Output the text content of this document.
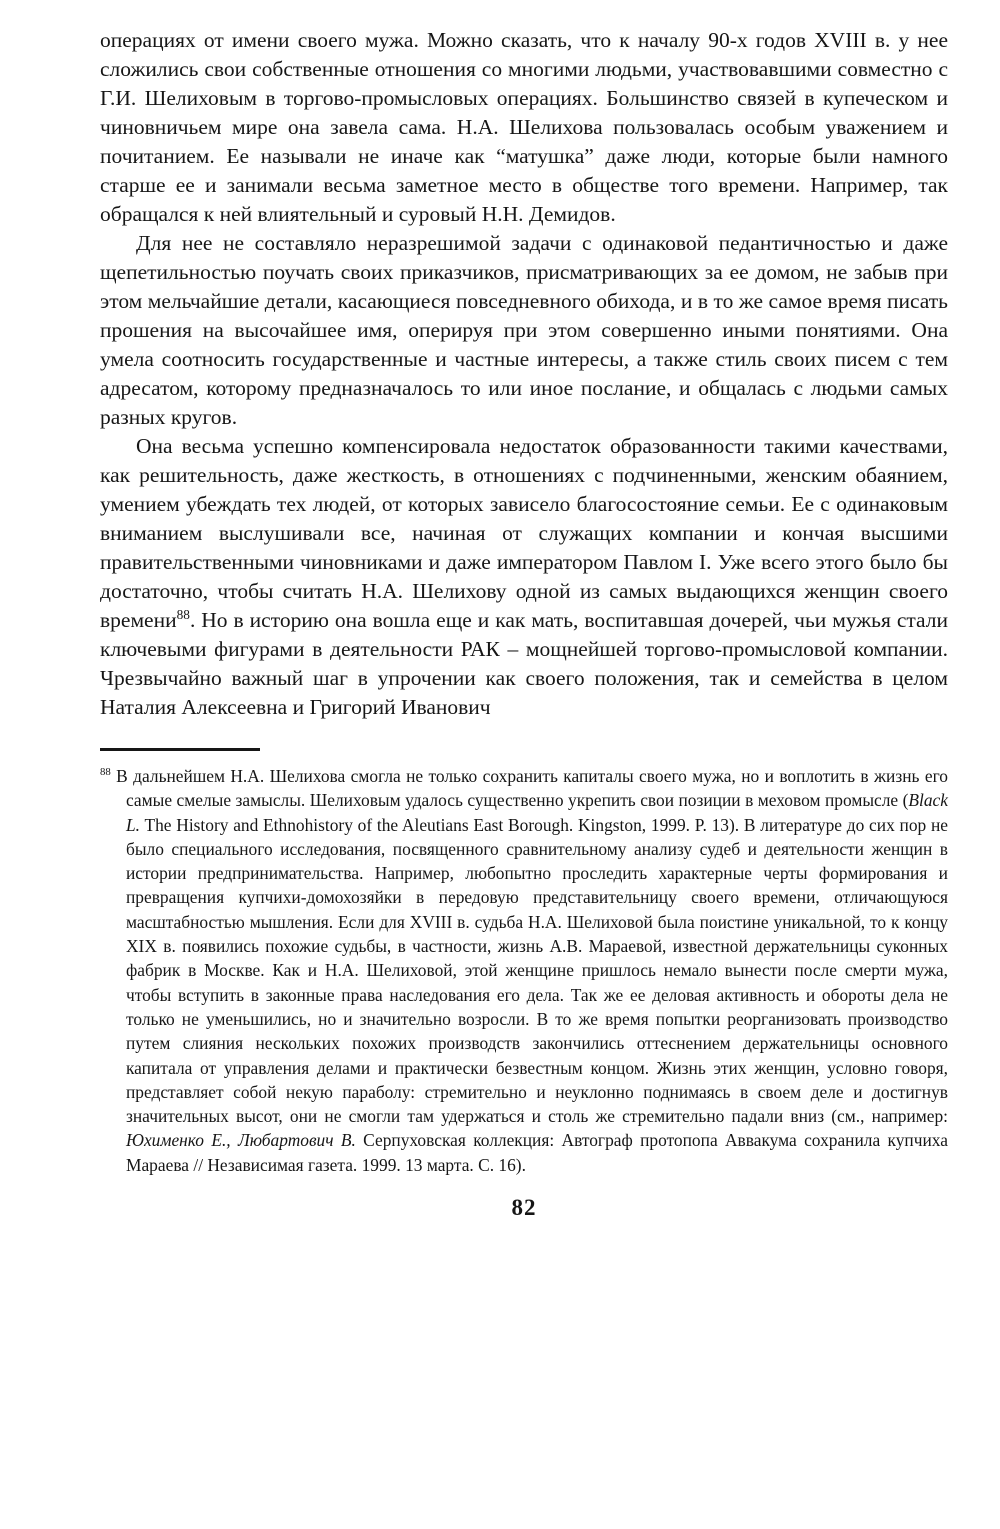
операциях от имени своего мужа. Можно сказать, что к началу 90-х годов XVIII в. у нее сложились свои собственные отношения со многими людьми, участвовавшими совместно с Г.И. Шелиховым в торгово-промысловых операциях. Большинство связей в купеческом и чиновничьем мире она завела сама. Н.А. Шелихова пользовалась особым уважением и почитанием. Ее называли не иначе как “матушка” даже люди, которые были намного старше ее и занимали весьма заметное место в обществе того времени. Например, так обращался к ней влиятельный и суровый Н.Н. Демидов.

Для нее не составляло неразрешимой задачи с одинаковой педантичностью и даже щепетильностью поучать своих приказчиков, присматривающих за ее домом, не забыв при этом мельчайшие детали, касающиеся повседневного обихода, и в то же самое время писать прошения на высочайшее имя, оперируя при этом совершенно иными понятиями. Она умела соотносить государственные и частные интересы, а также стиль своих писем с тем адресатом, которому предназначалось то или иное послание, и общалась с людьми самых разных кругов.

Она весьма успешно компенсировала недостаток образованности такими качествами, как решительность, даже жесткость, в отношениях с подчиненными, женским обаянием, умением убеждать тех людей, от которых зависело благосостояние семьи. Ее с одинаковым вниманием выслушивали все, начиная от служащих компании и кончая высшими правительственными чиновниками и даже императором Павлом I. Уже всего этого было бы достаточно, чтобы считать Н.А. Шелихову одной из самых выдающихся женщин своего времени$^{88}$. Но в историю она вошла еще и как мать, воспитавшая дочерей, чьи мужья стали ключевыми фигурами в деятельности РАК – мощнейшей торгово-промысловой компании. Чрезвычайно важный шаг в упрочении как своего положения, так и семейства в целом Наталия Алексеевна и Григорий Иванович

$^{88}$ В дальнейшем Н.А. Шелихова смогла не только сохранить капиталы своего мужа, но и воплотить в жизнь его самые смелые замыслы. Шелиховым удалось существенно укрепить свои позиции в меховом промысле (Black L. The History and Ethnohistory of the Aleutians East Borough. Kingston, 1999. P. 13). В литературе до сих пор не было специального исследования, посвященного сравнительному анализу судеб и деятельности женщин в истории предпринимательства. Например, любопытно проследить характерные черты формирования и превращения купчихи-домохозяйки в передовую представительницу своего времени, отличающуюся масштабностью мышления. Если для XVIII в. судьба Н.А. Шелиховой была поистине уникальной, то к концу XIX в. появились похожие судьбы, в частности, жизнь А.В. Мараевой, известной держательницы суконных фабрик в Москве. Как и Н.А. Шелиховой, этой женщине пришлось немало вынести после смерти мужа, чтобы вступить в законные права наследования его дела. Так же ее деловая активность и обороты дела не только не уменьшились, но и значительно возросли. В то же время попытки реорганизовать производство путем слияния нескольких похожих производств закончились оттеснением держательницы основного капитала от управления делами и практически безвестным концом. Жизнь этих женщин, условно говоря, представляет собой некую параболу: стремительно и неуклонно поднимаясь в своем деле и достигнув значительных высот, они не смогли там удержаться и столь же стремительно падали вниз (см., например: Юхименко Е., Любартович В. Серпуховская коллекция: Автограф протопопа Аввакума сохранила купчиха Мараева // Независимая газета. 1999. 13 марта. С. 16).

82
